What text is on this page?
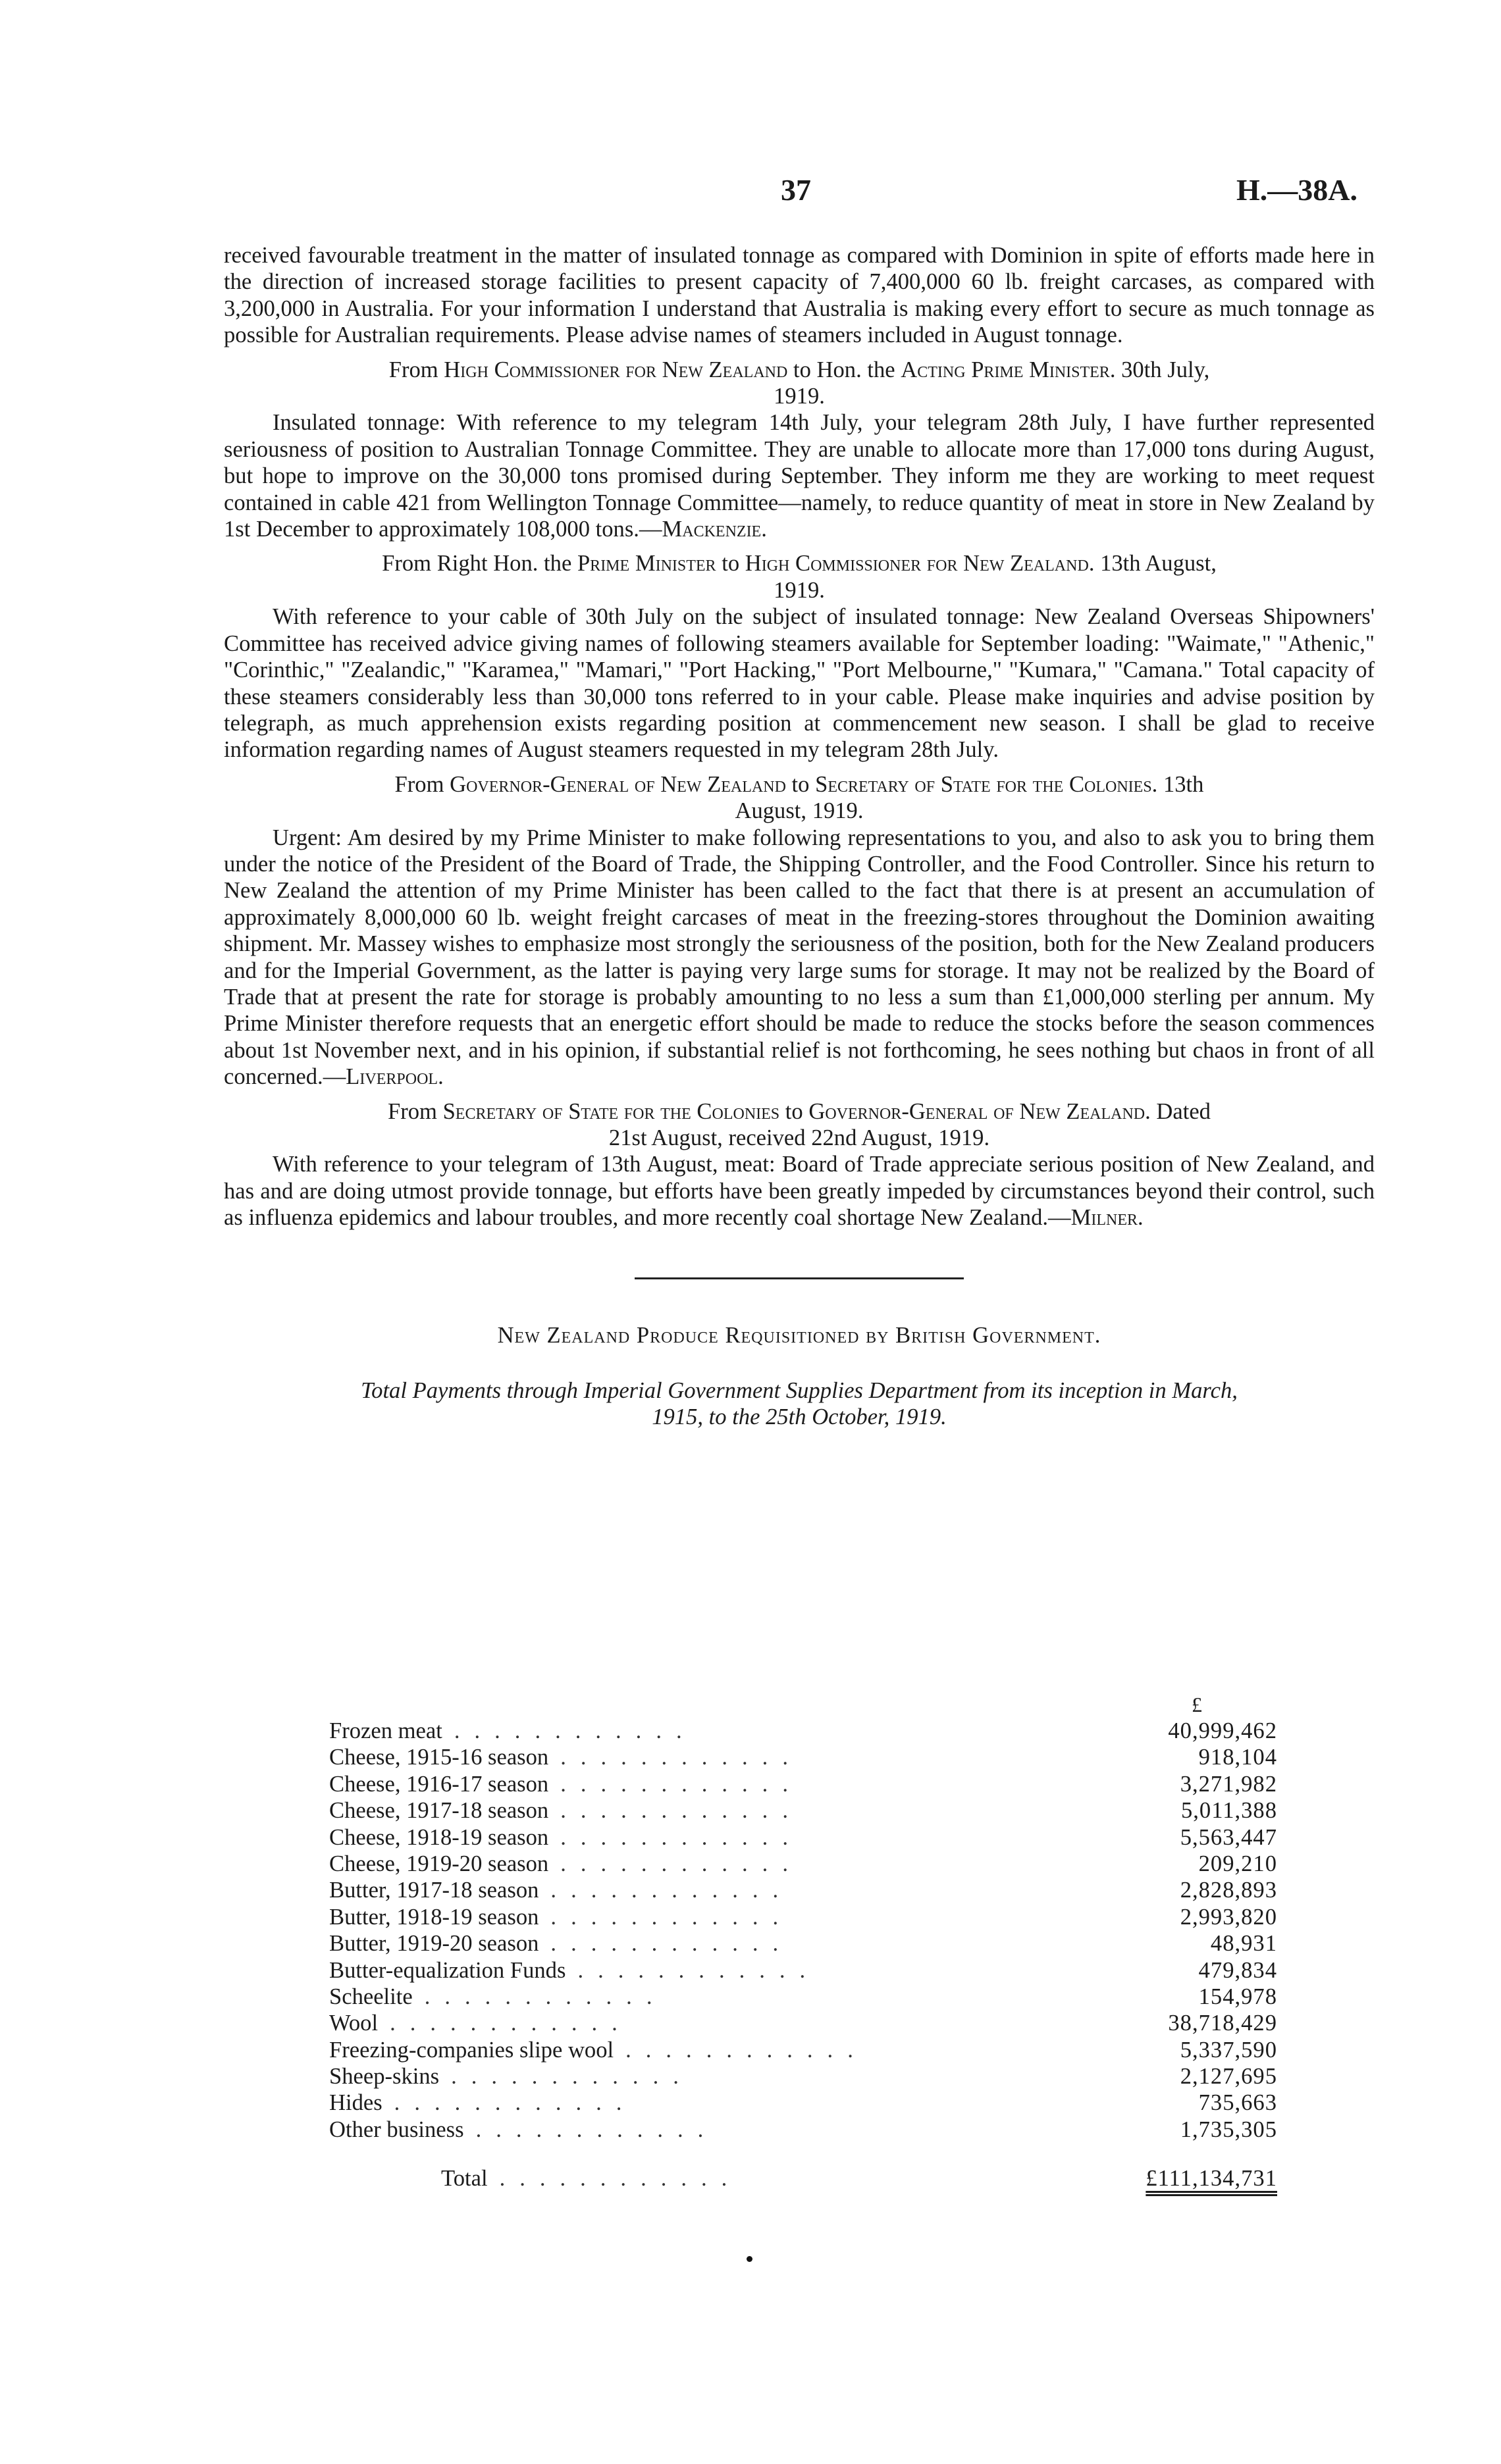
37	H.—38A.

received favourable treatment in the matter of insulated tonnage as compared with Dominion in spite of efforts made here in the direction of increased storage facilities to present capacity of 7,400,000 60 lb. freight carcases, as compared with 3,200,000 in Australia. For your information I understand that Australia is making every effort to secure as much tonnage as possible for Australian requirements. Please advise names of steamers included in August tonnage.

From High Commissioner for New Zealand to Hon. the Acting Prime Minister. 30th July,
1919.

Insulated tonnage: With reference to my telegram 14th July, your telegram 28th July, I have further represented seriousness of position to Australian Tonnage Committee. They are unable to allocate more than 17,000 tons during August, but hope to improve on the 30,000 tons promised during September. They inform me they are working to meet request contained in cable 421 from Wellington Tonnage Committee—namely, to reduce quantity of meat in store in New Zealand by 1st December to approximately 108,000 tons.—Mackenzie.

From Right Hon. the Prime Minister to High Commissioner for New Zealand. 13th August,
1919.

With reference to your cable of 30th July on the subject of insulated tonnage: New Zealand Overseas Shipowners' Committee has received advice giving names of following steamers available for September loading: "Waimate," "Athenic," "Corinthic," "Zealandic," "Karamea," "Mamari," "Port Hacking," "Port Melbourne," "Kumara," "Camana." Total capacity of these steamers considerably less than 30,000 tons referred to in your cable. Please make inquiries and advise position by telegraph, as much apprehension exists regarding position at commencement new season. I shall be glad to receive information regarding names of August steamers requested in my telegram 28th July.

From Governor-General of New Zealand to Secretary of State for the Colonies. 13th
August, 1919.

Urgent: Am desired by my Prime Minister to make following representations to you, and also to ask you to bring them under the notice of the President of the Board of Trade, the Shipping Controller, and the Food Controller. Since his return to New Zealand the attention of my Prime Minister has been called to the fact that there is at present an accumulation of approximately 8,000,000 60 lb. weight freight carcases of meat in the freezing-stores throughout the Dominion awaiting shipment. Mr. Massey wishes to emphasize most strongly the seriousness of the position, both for the New Zealand producers and for the Imperial Government, as the latter is paying very large sums for storage. It may not be realized by the Board of Trade that at present the rate for storage is probably amounting to no less a sum than £1,000,000 sterling per annum. My Prime Minister therefore requests that an energetic effort should be made to reduce the stocks before the season commences about 1st November next, and in his opinion, if substantial relief is not forthcoming, he sees nothing but chaos in front of all concerned.—Liverpool.

From Secretary of State for the Colonies to Governor-General of New Zealand. Dated
21st August, received 22nd August, 1919.

With reference to your telegram of 13th August, meat: Board of Trade appreciate serious position of New Zealand, and has and are doing utmost provide tonnage, but efforts have been greatly impeded by circumstances beyond their control, such as influenza epidemics and labour troubles, and more recently coal shortage New Zealand.—Milner.

New Zealand Produce Requisitioned by British Government.
Total Payments through Imperial Government Supplies Department from its inception in March,
1915, to the 25th October, 1919.
£
Frozen meat ............	40,999,462
Cheese, 1915-16 season ............	918,104
Cheese, 1916-17 season ............	3,271,982
Cheese, 1917-18 season ............	5,011,388
Cheese, 1918-19 season ............	5,563,447
Cheese, 1919-20 season ............	209,210
Butter, 1917-18 season ............	2,828,893
Butter, 1918-19 season ............	2,993,820
Butter, 1919-20 season ............	48,931
Butter-equalization Funds ............	479,834
Scheelite ............	154,978
Wool ............	38,718,429
Freezing-companies slipe wool ............	5,337,590
Sheep-skins ............	2,127,695
Hides ............	735,663
Other business ............	1,735,305
Total ............	£111,134,731
